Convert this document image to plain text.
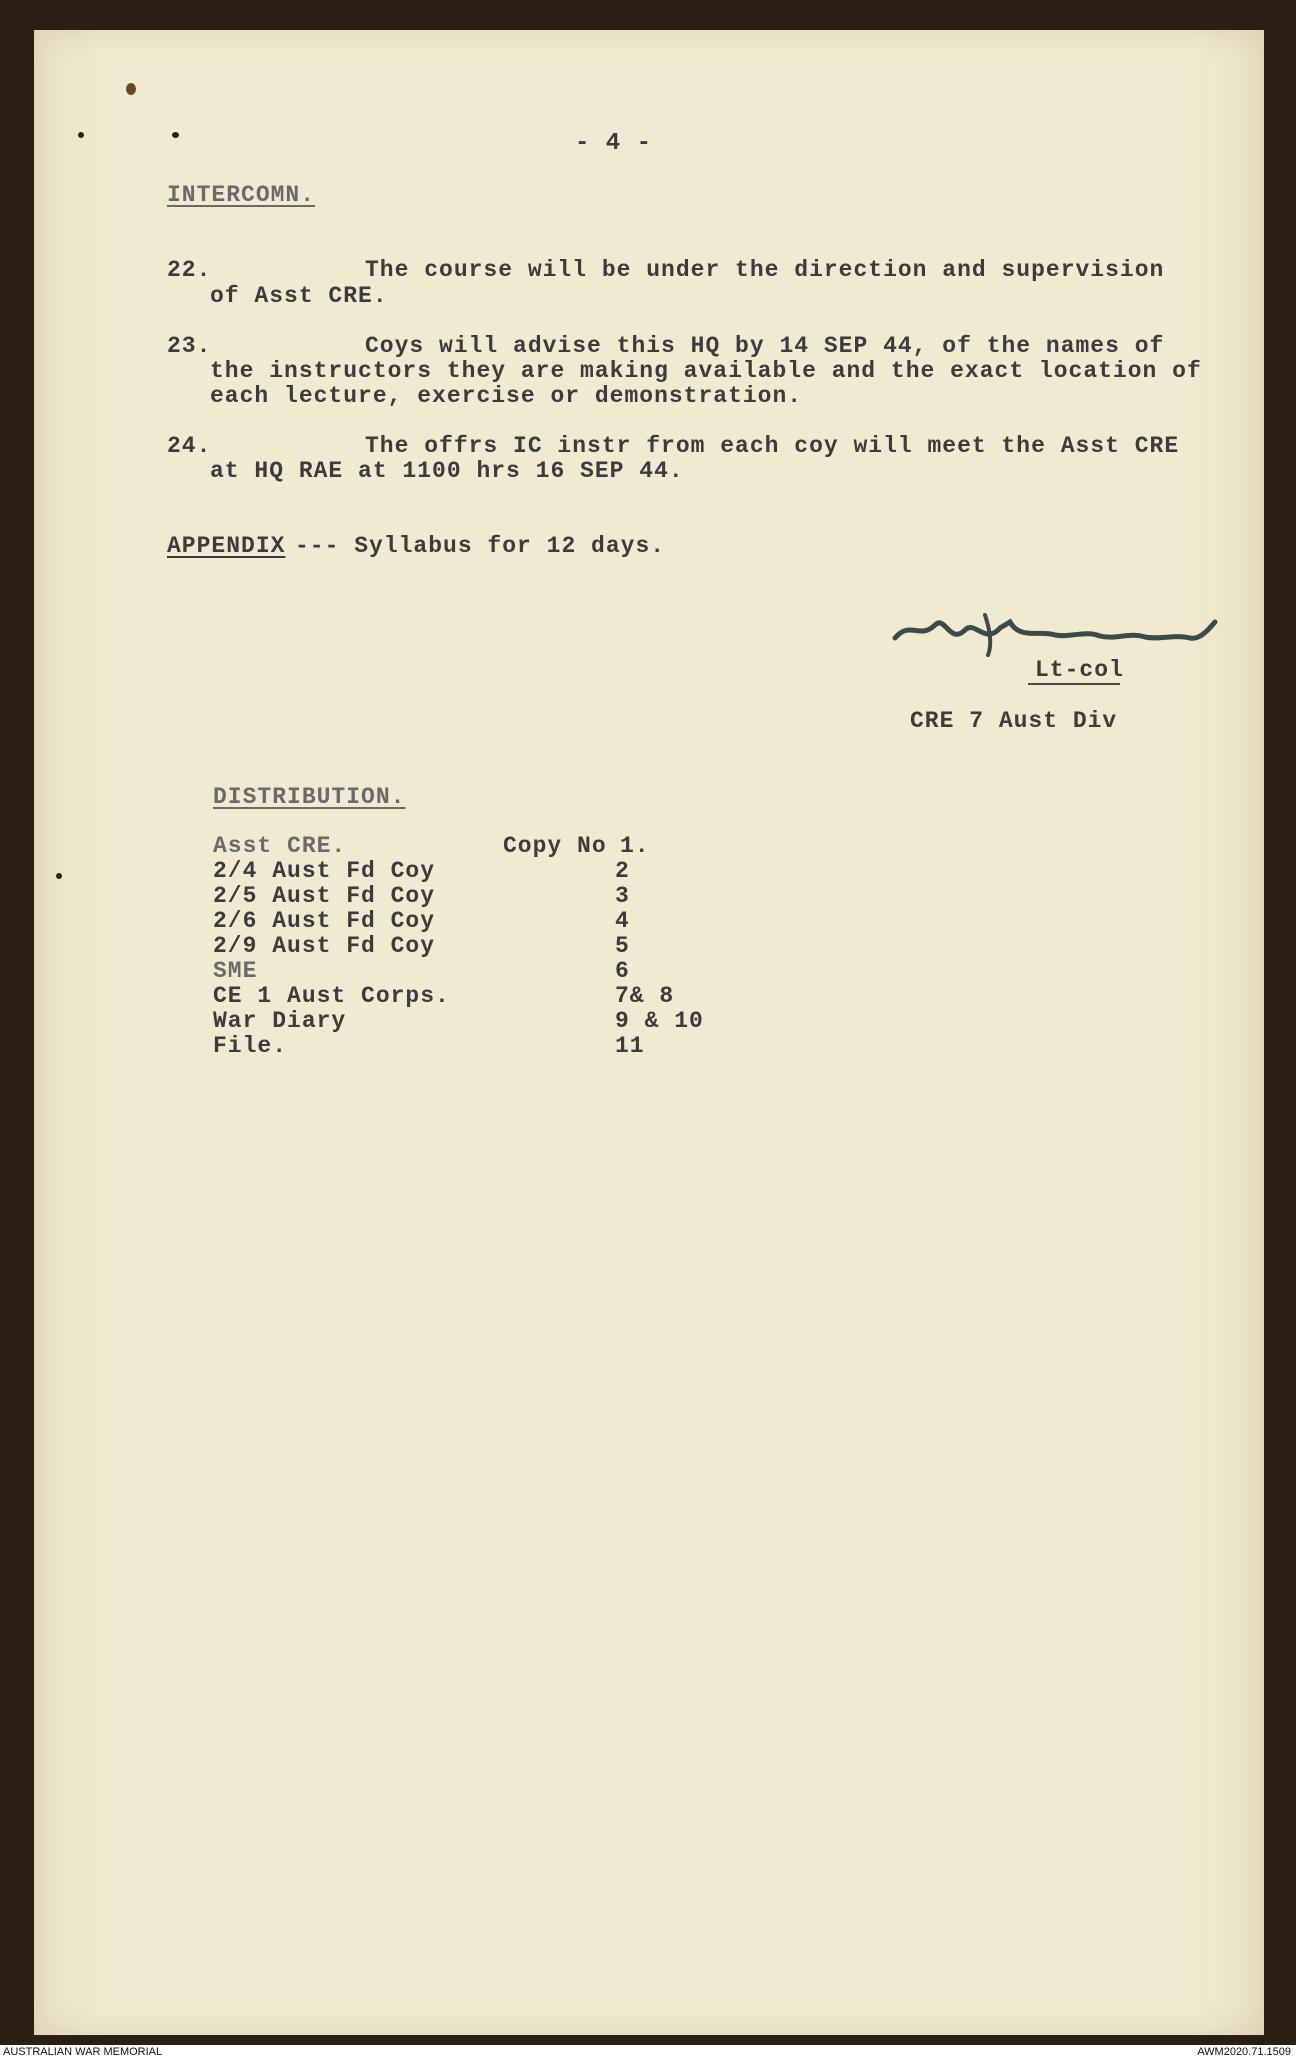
- 4 -
INTERCOMN.
22.	The course will be under the direction and supervision
of Asst CRE.
23.	Coys will advise this HQ by 14 SEP 44, of the names of
the instructors they are making available and the exact location of
each lecture, exercise or demonstration.
24.	The offrs IC instr from each coy will meet the Asst CRE
at HQ RAE at 1100 hrs 16 SEP 44.
APPENDIX --- Syllabus for 12 days.
Lt-col
CRE 7 Aust Div
DISTRIBUTION.
Copy No
Asst CRE.	1.
2/4 Aust Fd Coy	2
2/5 Aust Fd Coy	3
2/6 Aust Fd Coy	4
2/9 Aust Fd Coy	5
SME	6
CE 1 Aust Corps.	7& 8
War Diary	9 & 10
File.	11
AUSTRALIAN WAR MEMORIAL	AWM2020.71.1509
